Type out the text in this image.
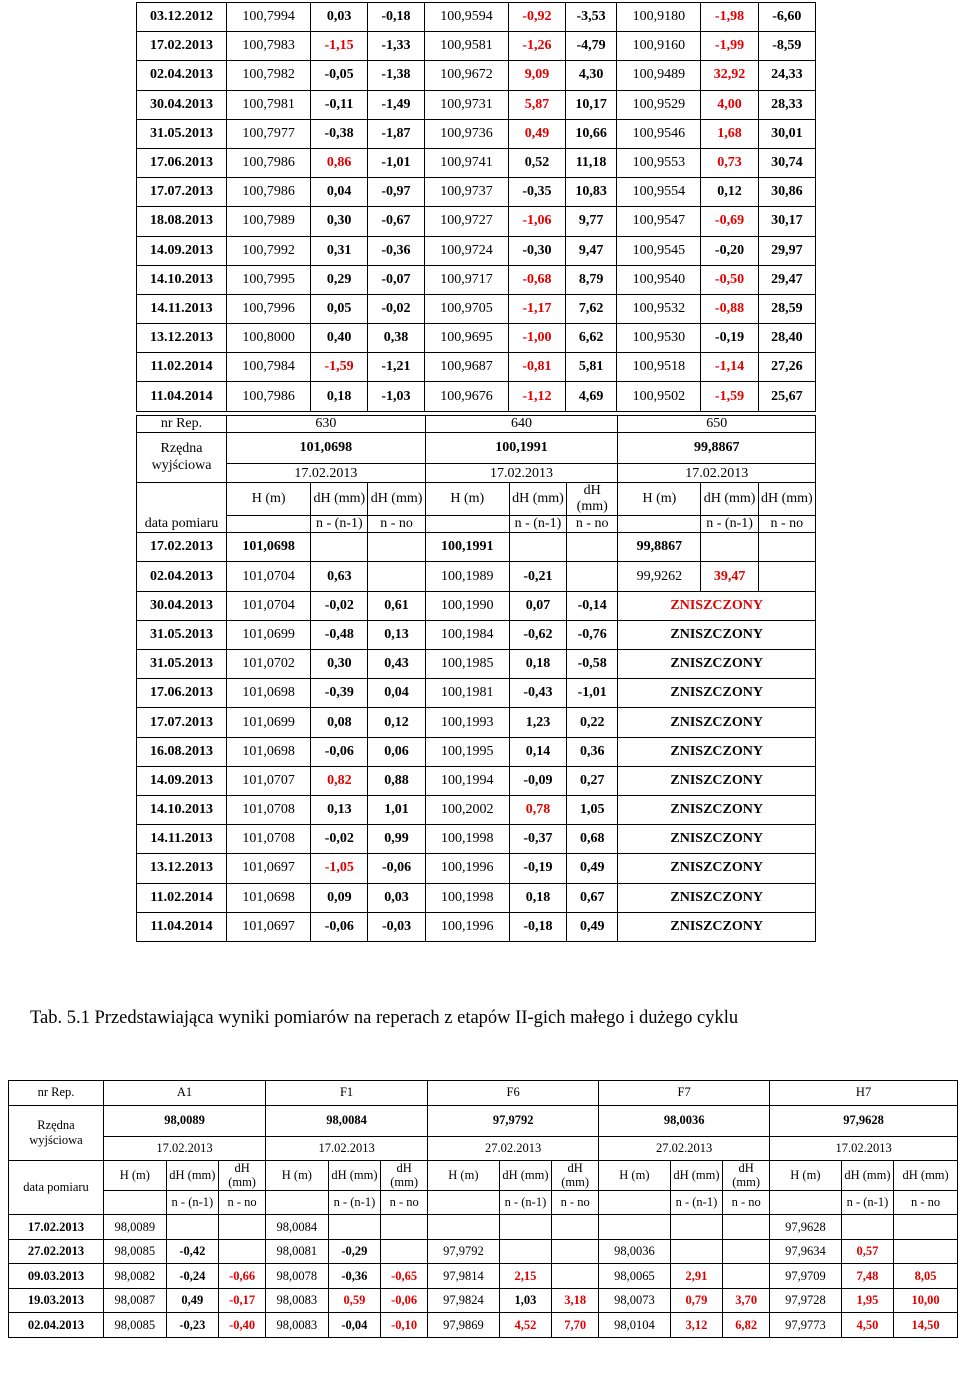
03.12.2012	100,7994	0,03	-0,18	100,9594	-0,92	-3,53	100,9180	-1,98	-6,60
17.02.2013	100,7983	-1,15	-1,33	100,9581	-1,26	-4,79	100,9160	-1,99	-8,59
02.04.2013	100,7982	-0,05	-1,38	100,9672	9,09	4,30	100,9489	32,92	24,33
30.04.2013	100,7981	-0,11	-1,49	100,9731	5,87	10,17	100,9529	4,00	28,33
31.05.2013	100,7977	-0,38	-1,87	100,9736	0,49	10,66	100,9546	1,68	30,01
17.06.2013	100,7986	0,86	-1,01	100,9741	0,52	11,18	100,9553	0,73	30,74
17.07.2013	100,7986	0,04	-0,97	100,9737	-0,35	10,83	100,9554	0,12	30,86
18.08.2013	100,7989	0,30	-0,67	100,9727	-1,06	9,77	100,9547	-0,69	30,17
14.09.2013	100,7992	0,31	-0,36	100,9724	-0,30	9,47	100,9545	-0,20	29,97
14.10.2013	100,7995	0,29	-0,07	100,9717	-0,68	8,79	100,9540	-0,50	29,47
14.11.2013	100,7996	0,05	-0,02	100,9705	-1,17	7,62	100,9532	-0,88	28,59
13.12.2013	100,8000	0,40	0,38	100,9695	-1,00	6,62	100,9530	-0,19	28,40
11.02.2014	100,7984	-1,59	-1,21	100,9687	-0,81	5,81	100,9518	-1,14	27,26
11.04.2014	100,7986	0,18	-1,03	100,9676	-1,12	4,69	100,9502	-1,59	25,67
nr Rep.	630			640			650		
Rzędna wyjściowa	101,0698			100,1991			99,8867		
	17.02.2013			17.02.2013			17.02.2013		
data pomiaru	H (m)	dH (mm)	dH (mm)	H (m)	dH (mm)	dH (mm)	H (m)	dH (mm)	dH (mm)
		n - (n-1)	n - no		n - (n-1)	n - no		n - (n-1)	n - no
17.02.2013	101,0698			100,1991			99,8867		
02.04.2013	101,0704	0,63		100,1989	-0,21		99,9262	39,47	
30.04.2013	101,0704	-0,02	0,61	100,1990	0,07	-0,14	ZNISZCZONY		
31.05.2013	101,0699	-0,48	0,13	100,1984	-0,62	-0,76	ZNISZCZONY		
31.05.2013	101,0702	0,30	0,43	100,1985	0,18	-0,58	ZNISZCZONY		
17.06.2013	101,0698	-0,39	0,04	100,1981	-0,43	-1,01	ZNISZCZONY		
17.07.2013	101,0699	0,08	0,12	100,1993	1,23	0,22	ZNISZCZONY		
16.08.2013	101,0698	-0,06	0,06	100,1995	0,14	0,36	ZNISZCZONY		
14.09.2013	101,0707	0,82	0,88	100,1994	-0,09	0,27	ZNISZCZONY		
14.10.2013	101,0708	0,13	1,01	100,2002	0,78	1,05	ZNISZCZONY		
14.11.2013	101,0708	-0,02	0,99	100,1998	-0,37	0,68	ZNISZCZONY		
13.12.2013	101,0697	-1,05	-0,06	100,1996	-0,19	0,49	ZNISZCZONY		
11.02.2014	101,0698	0,09	0,03	100,1998	0,18	0,67	ZNISZCZONY		
11.04.2014	101,0697	-0,06	-0,03	100,1996	-0,18	0,49	ZNISZCZONY		

Tab. 5.1 Przedstawiająca wyniki pomiarów na reperach z etapów II-gich małego i dużego cyklu

nr Rep.	A1			F1			F6			F7			H7		
Rzędna wyjściowa	98,0089			98,0084			97,9792			98,0036			97,9628		
	17.02.2013			17.02.2013			27.02.2013			27.02.2013			17.02.2013		
data pomiaru	H (m)	dH (mm)	dH (mm)	H (m)	dH (mm)	dH (mm)	H (m)	dH (mm)	dH (mm)	H (m)	dH (mm)	dH (mm)	H (m)	dH (mm)	dH (mm)
		n - (n-1)	n - no		n - (n-1)	n - no		n - (n-1)	n - no		n - (n-1)	n - no		n - (n-1)	n - no
17.02.2013	98,0089			98,0084									97,9628		
27.02.2013	98,0085	-0,42		98,0081	-0,29		97,9792			98,0036			97,9634	0,57	
09.03.2013	98,0082	-0,24	-0,66	98,0078	-0,36	-0,65	97,9814	2,15		98,0065	2,91		97,9709	7,48	8,05
19.03.2013	98,0087	0,49	-0,17	98,0083	0,59	-0,06	97,9824	1,03	3,18	98,0073	0,79	3,70	97,9728	1,95	10,00
02.04.2013	98,0085	-0,23	-0,40	98,0083	-0,04	-0,10	97,9869	4,52	7,70	98,0104	3,12	6,82	97,9773	4,50	14,50
